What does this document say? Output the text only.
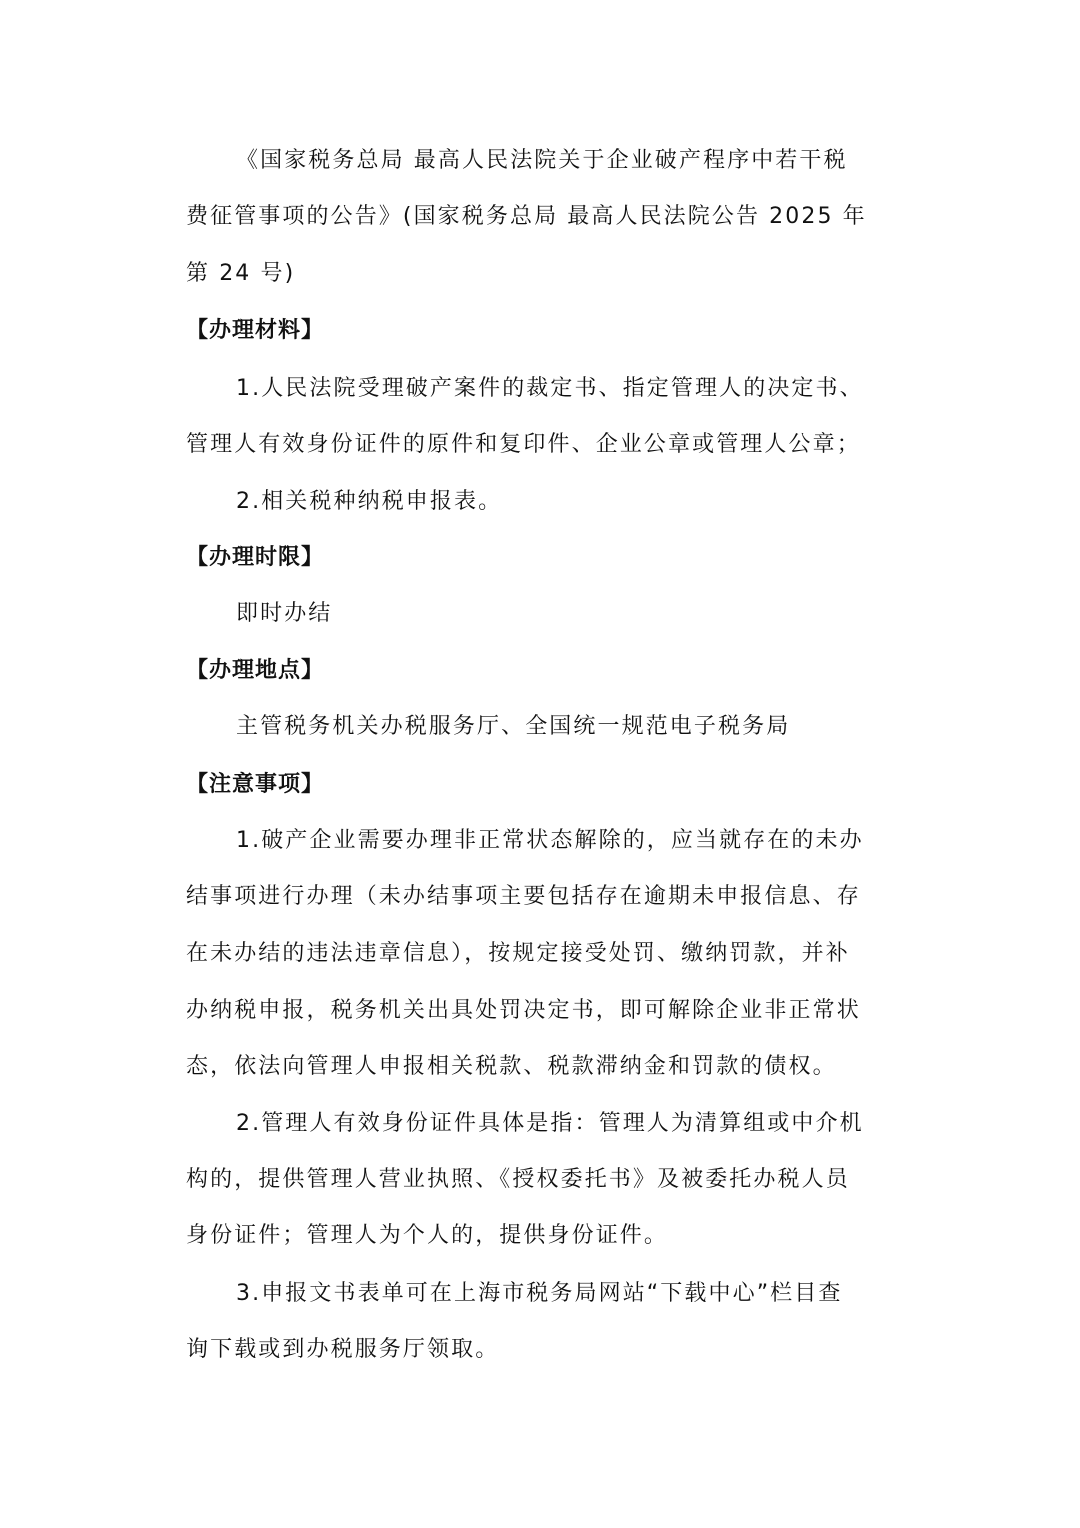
《国家税务总局 最高人民法院关于企业破产程序中若干税
费征管事项的公告》(国家税务总局 最高人民法院公告 2025 年
第 24 号)
【办理材料】
1.人民法院受理破产案件的裁定书、指定管理人的决定书、
管理人有效身份证件的原件和复印件、企业公章或管理人公章；
2.相关税种纳税申报表。
【办理时限】
即时办结
【办理地点】
主管税务机关办税服务厅、全国统一规范电子税务局
【注意事项】
1.破产企业需要办理非正常状态解除的，应当就存在的未办
结事项进行办理（未办结事项主要包括存在逾期未申报信息、存
在未办结的违法违章信息），按规定接受处罚、缴纳罚款，并补
办纳税申报，税务机关出具处罚决定书，即可解除企业非正常状
态，依法向管理人申报相关税款、税款滞纳金和罚款的债权。
2.管理人有效身份证件具体是指：管理人为清算组或中介机
构的，提供管理人营业执照、《授权委托书》及被委托办税人员
身份证件；管理人为个人的，提供身份证件。
3.申报文书表单可在上海市税务局网站“下载中心”栏目查
询下载或到办税服务厅领取。
